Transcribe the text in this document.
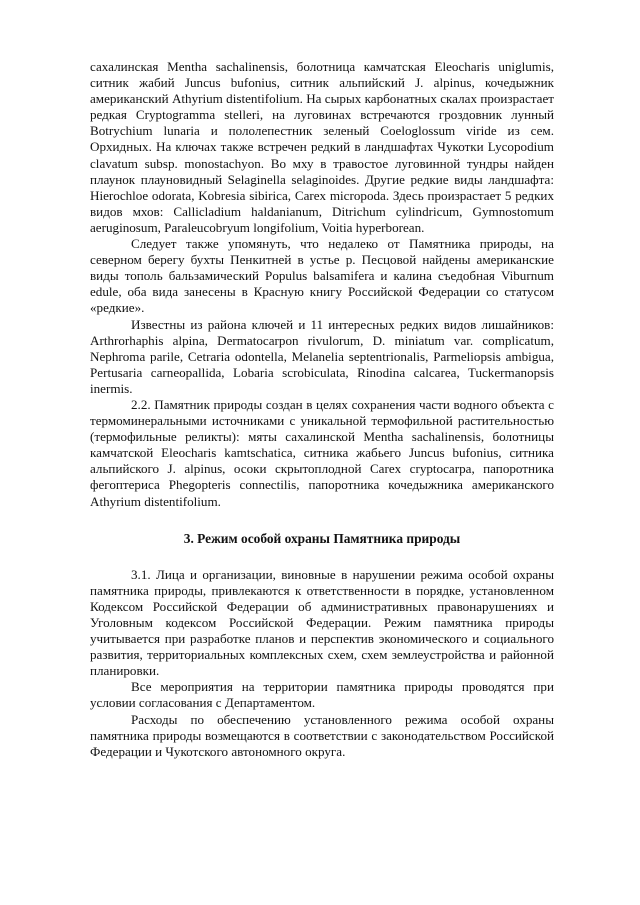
сахалинская Mentha sachalinensis, болотница камчатская Eleocharis uniglumis, ситник жабий Juncus bufonius, ситник альпийский J. alpinus, кочедыжник американский Athyrium distentifolium. На сырых карбонатных скалах произрастает редкая Cryptogramma stelleri, на луговинах встречаются гроздовник лунный Botrychium lunaria и пололепестник зеленый Coeloglossum viride из сем. Орхидных. На ключах также встречен редкий в ландшафтах Чукотки Lycopodium clavatum subsp. monostachyon. Во мху в травостое луговинной тундры найден плаунок плауновидный Selaginella selaginoides. Другие редкие виды ландшафта: Hierochloe odorata, Kobresia sibirica, Carex microрoda. Здесь произрастает 5 редких видов мхов: Callicladium haldanianum, Ditrichum cylindricum, Gymnostomum aeruginosum, Paraleucobryum longifolium, Voitia hyperborean.

Следует также упомянуть, что недалеко от Памятника природы, на северном берегу бухты Пенкитней в устье р. Песцовой найдены американские виды тополь бальзамический Populus balsamifera и калина съедобная Viburnum edule, оба вида занесены в Красную книгу Российской Федерации со статусом «редкие».

Известны из района ключей и 11 интересных редких видов лишайников: Arthrorhaphis alpina, Dermatocarpon rivulorum, D. miniatum var. complicatum, Nephroma parile, Cetraria odontella, Melanelia septentrionalis, Parmeliopsis ambigua, Pertusaria carneopallida, Lobaria scrobiculata, Rinodina calcarea, Tuckermanopsis inermis.

2.2. Памятник природы создан в целях сохранения части водного объекта с термоминеральными источниками с уникальной термофильной растительностью (термофильные реликты): мяты сахалинской Mentha sachalinensis, болотницы камчатской Eleocharis kamtschatica, ситника жабьего Juncus bufonius, ситника альпийского J. alpinus, осоки скрытоплодной Carex cryptocarpa, папоротника фегоптериса Phegopteris connectilis, папоротника кочедыжника американского Athyrium distentifolium.

3. Режим особой охраны Памятника природы

3.1. Лица и организации, виновные в нарушении режима особой охраны памятника природы, привлекаются к ответственности в порядке, установленном Кодексом Российской Федерации об административных правонарушениях и Уголовным кодексом Российской Федерации. Режим памятника природы учитывается при разработке планов и перспектив экономического и социального развития, территориальных комплексных схем, схем землеустройства и районной планировки.

Все мероприятия на территории памятника природы проводятся при условии согласования с Департаментом.

Расходы по обеспечению установленного режима особой охраны памятника природы возмещаются в соответствии с законодательством Российской Федерации и Чукотского автономного округа.
